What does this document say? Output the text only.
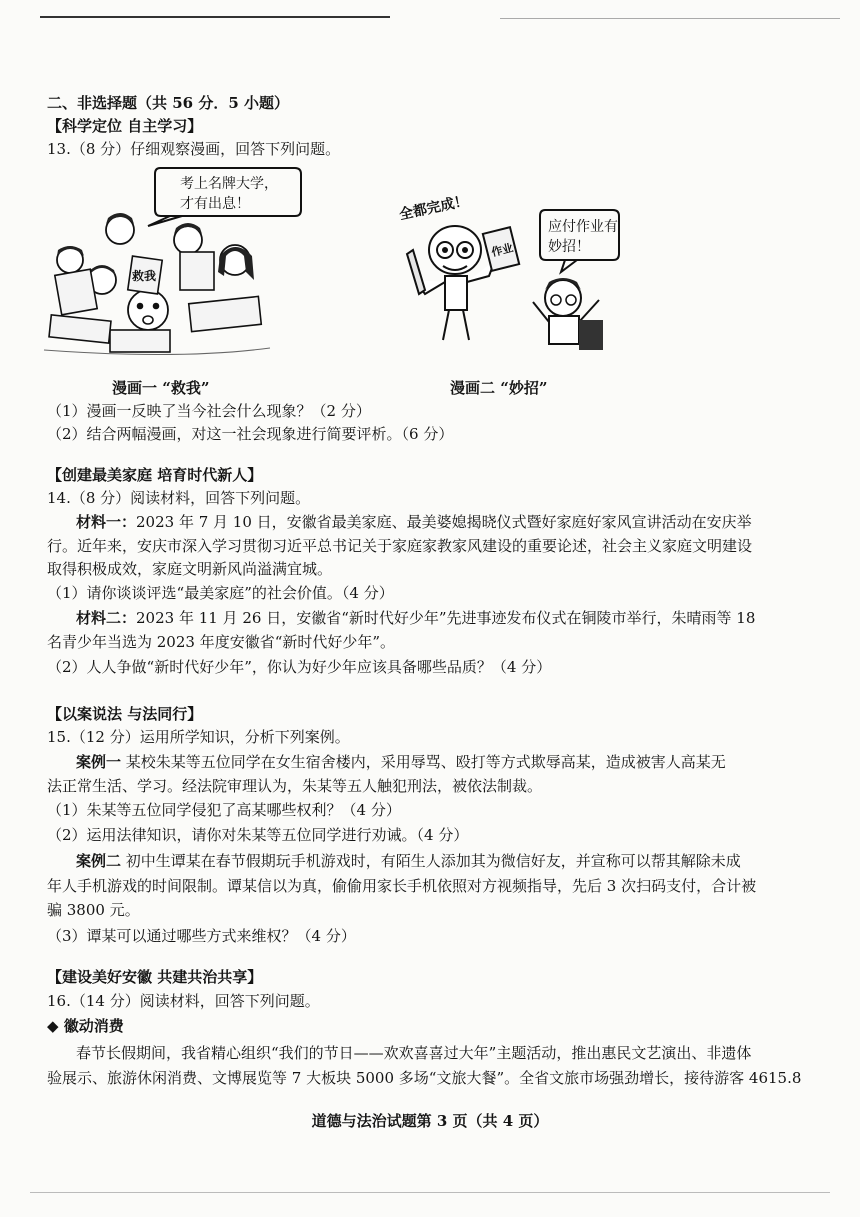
二、非选择题（共 56 分．5 小题）
【科学定位 自主学习】
13.（8 分）仔细观察漫画，回答下列问题。
考上名牌大学，
才有出息！
救我
全都完成！
应付作业有
妙招！
作业
漫画一 “救我”	漫画二 “妙招”
（1）漫画一反映了当今社会什么现象？（2 分）
（2）结合两幅漫画，对这一社会现象进行简要评析。（6 分）
【创建最美家庭 培育时代新人】
14.（8 分）阅读材料，回答下列问题。
材料一：2023 年 7 月 10 日，安徽省最美家庭、最美婆媳揭晓仪式暨好家庭好家风宣讲活动在安庆举
行。近年来，安庆市深入学习贯彻习近平总书记关于家庭家教家风建设的重要论述，社会主义家庭文明建设
取得积极成效，家庭文明新风尚溢满宜城。
（1）请你谈谈评选“最美家庭”的社会价值。（4 分）
材料二：2023 年 11 月 26 日，安徽省“新时代好少年”先进事迹发布仪式在铜陵市举行，朱晴雨等 18
名青少年当选为 2023 年度安徽省“新时代好少年”。
（2）人人争做“新时代好少年”，你认为好少年应该具备哪些品质？（4 分）
【以案说法 与法同行】
15.（12 分）运用所学知识，分析下列案例。
案例一 某校朱某等五位同学在女生宿舍楼内，采用辱骂、殴打等方式欺辱高某，造成被害人高某无
法正常生活、学习。经法院审理认为，朱某等五人触犯刑法，被依法制裁。
（1）朱某等五位同学侵犯了高某哪些权利？（4 分）
（2）运用法律知识，请你对朱某等五位同学进行劝诫。（4 分）
案例二 初中生谭某在春节假期玩手机游戏时，有陌生人添加其为微信好友，并宣称可以帮其解除未成
年人手机游戏的时间限制。谭某信以为真，偷偷用家长手机依照对方视频指导，先后 3 次扫码支付，合计被
骗 3800 元。
（3）谭某可以通过哪些方式来维权？（4 分）
【建设美好安徽 共建共治共享】
16.（14 分）阅读材料，回答下列问题。
◆ 徽动消费
春节长假期间，我省精心组织“我们的节日——欢欢喜喜过大年”主题活动，推出惠民文艺演出、非遗体
验展示、旅游休闲消费、文博展览等 7 大板块 5000 多场“文旅大餐”。全省文旅市场强劲增长，接待游客 4615.8
道德与法治试题第 3 页（共 4 页）
